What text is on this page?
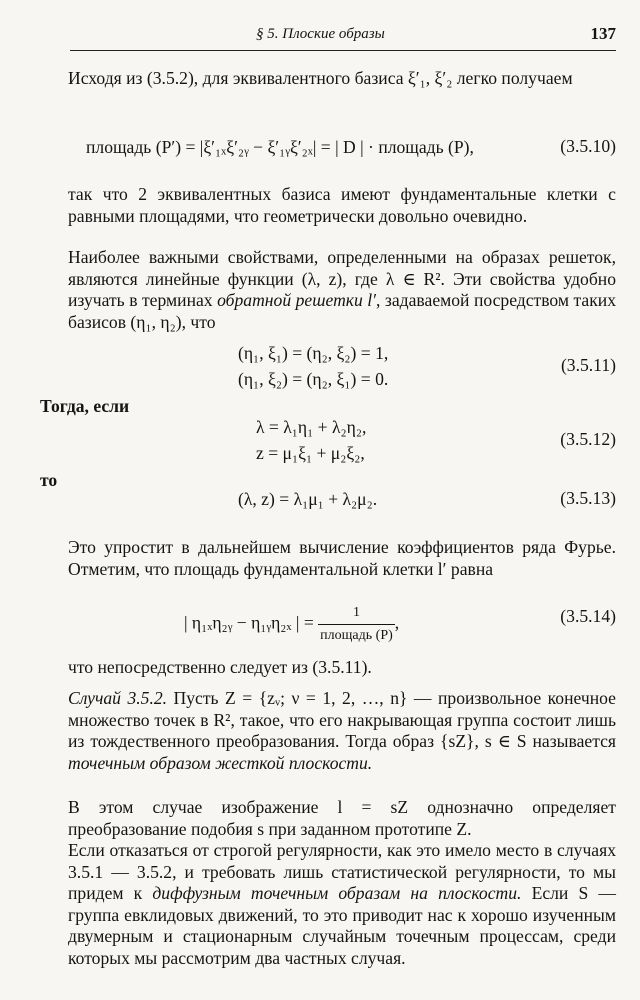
§ 5. Плоские образы	137
Исходя из (3.5.2), для эквивалентного базиса ξ′₁, ξ′₂ легко получаем
площадь (P′) = |ξ′₁ₓξ′₂ᵧ − ξ′₁ᵧξ′₂ₓ| = | D | · площадь (P),	(3.5.10)
так что 2 эквивалентных базиса имеют фундаментальные клетки с равными площадями, что геометрически довольно очевидно.
Наиболее важными свойствами, определенными на образах решеток, являются линейные функции (λ, z), где λ ∈ R². Эти свойства удобно изучать в терминах обратной решетки l′, задаваемой посредством таких базисов (η₁, η₂), что
(η₁, ξ₁) = (η₂, ξ₂) = 1,
(η₁, ξ₂) = (η₂, ξ₁) = 0.
(3.5.11)
Тогда, если
λ = λ₁η₁ + λ₂η₂,
z = μ₁ξ₁ + μ₂ξ₂,
(3.5.12)
то
(λ, z) = λ₁μ₁ + λ₂μ₂.	(3.5.13)
Это упростит в дальнейшем вычисление коэффициентов ряда Фурье. Отметим, что площадь фундаментальной клетки l′ равна
| η₁ₓη₂ᵧ − η₁ᵧη₂ₓ | = $\frac{1}{\text{площадь (P)}}$ ,	(3.5.14)
что непосредственно следует из (3.5.11).
Случай 3.5.2. Пусть Z = {zᵥ; ν = 1, 2, …, n} — произвольное конечное множество точек в R², такое, что его накрывающая группа состоит лишь из тождественного преобразования. Тогда образ {sZ}, s ∈ S называется точечным образом жесткой плоскости.
В этом случае изображение l = sZ однозначно определяет преобразование подобия s при заданном прототипе Z.
Если отказаться от строгой регулярности, как это имело место в случаях 3.5.1 — 3.5.2, и требовать лишь статистической регулярности, то мы придем к диффузным точечным образам на плоскости. Если S — группа евклидовых движений, то это приводит нас к хорошо изученным двумерным и стационарным случайным точечным процессам, среди которых мы рассмотрим два частных случая.
